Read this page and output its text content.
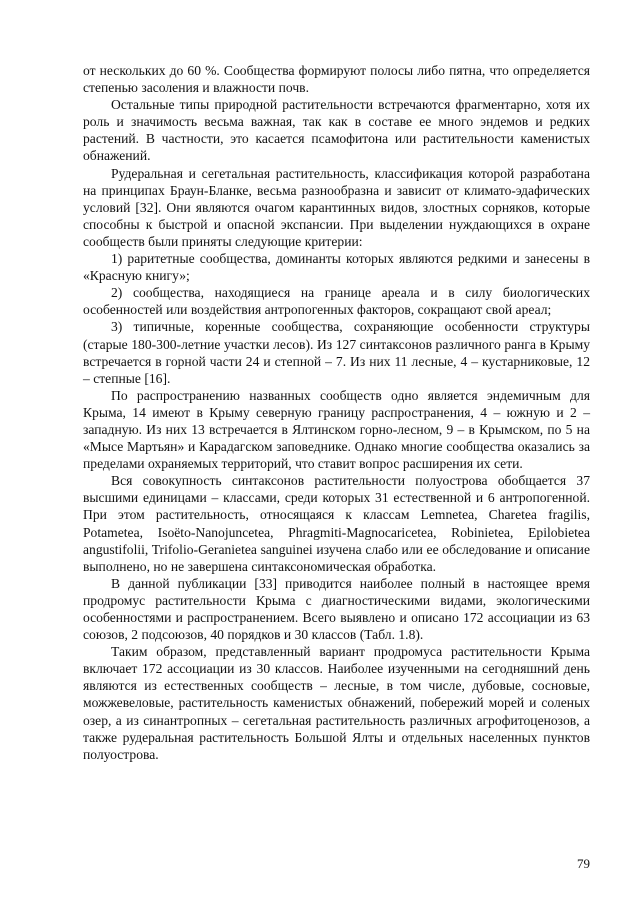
от нескольких до 60 %. Сообщества формируют полосы либо пятна, что определяется степенью засоления и влажности почв.

Остальные типы природной растительности встречаются фрагментарно, хотя их роль и значимость весьма важная, так как в составе ее много эндемов и редких растений. В частности, это касается псамофитона или растительности каменистых обнажений.

Рудеральная и сегетальная растительность, классификация которой разработана на принципах Браун-Бланке, весьма разнообразна и зависит от климато-эдафических условий [32]. Они являются очагом карантинных видов, злостных сорняков, которые способны к быстрой и опасной экспансии. При выделении нуждающихся в охране сообществ были приняты следующие критерии:

1) раритетные сообщества, доминанты которых являются редкими и занесены в «Красную книгу»;

2) сообщества, находящиеся на границе ареала и в силу биологических особенностей или воздействия антропогенных факторов, сокращают свой ареал;

3) типичные, коренные сообщества, сохраняющие особенности структуры (старые 180-300-летние участки лесов). Из 127 синтаксонов различного ранга в Крыму встречается в горной части 24 и степной – 7. Из них 11 лесные, 4 – кустарниковые, 12 – степные [16].

По распространению названных сообществ одно является эндемичным для Крыма, 14 имеют в Крыму северную границу распространения, 4 – южную и 2 – западную. Из них 13 встречается в Ялтинском горно-лесном, 9 – в Крымском, по 5 на «Мысе Мартьян» и Карадагском заповеднике. Однако многие сообщества оказались за пределами охраняемых территорий, что ставит вопрос расширения их сети.

Вся совокупность синтаксонов растительности полуострова обобщается 37 высшими единицами – классами, среди которых 31 естественной и 6 антропогенной. При этом растительность, относящаяся к классам Lemnetea, Charetea fragilis, Potametea, Isoëto-Nanojuncetea, Phragmiti-Magnocaricetea, Robinietea, Epilobietea angustifolii, Trifolio-Geranietea sanguinei изучена слабо или ее обследование и описание выполнено, но не завершена синтаксономическая обработка.

В данной публикации [33] приводится наиболее полный в настоящее время продромус растительности Крыма с диагностическими видами, экологическими особенностями и распространением. Всего выявлено и описано 172 ассоциации из 63 союзов, 2 подсоюзов, 40 порядков и 30 классов (Табл. 1.8).

Таким образом, представленный вариант продромуса растительности Крыма включает 172 ассоциации из 30 классов. Наиболее изученными на сегодняшний день являются из естественных сообществ – лесные, в том числе, дубовые, сосновые, можжевеловые, растительность каменистых обнажений, побережий морей и соленых озер, а из синантропных – сегетальная растительность различных агрофитоценозов, а также рудеральная растительность Большой Ялты и отдельных населенных пунктов полуострова.

79
